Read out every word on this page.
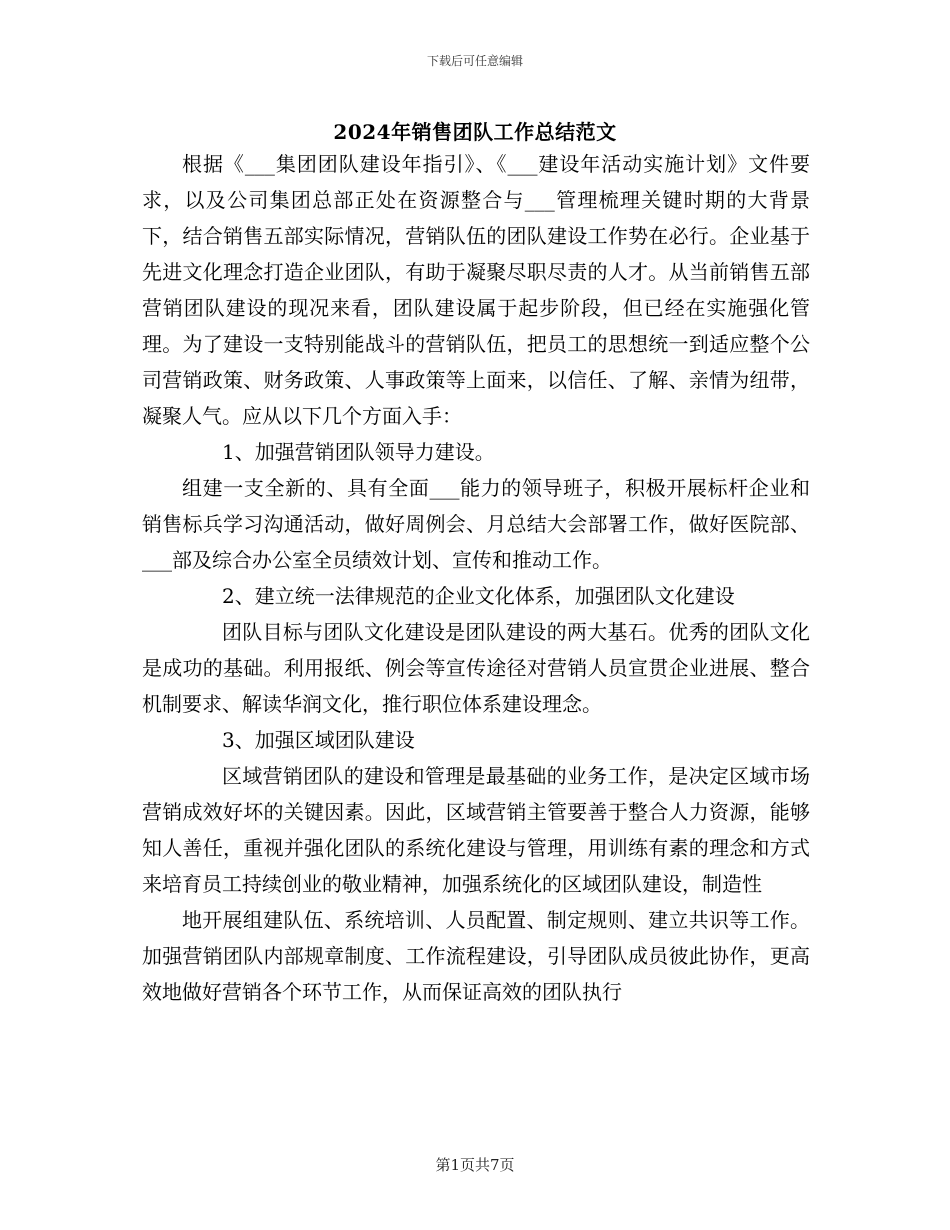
下载后可任意编辑
2024年销售团队工作总结范文

根据《___集团团队建设年指引》、《___建设年活动实施计划》文件要求，以及公司集团总部正处在资源整合与___管理梳理关键时期的大背景下，结合销售五部实际情况，营销队伍的团队建设工作势在必行。企业基于先进文化理念打造企业团队，有助于凝聚尽职尽责的人才。从当前销售五部营销团队建设的现况来看，团队建设属于起步阶段，但已经在实施强化管理。为了建设一支特别能战斗的营销队伍，把员工的思想统一到适应整个公司营销政策、财务政策、人事政策等上面来，以信任、了解、亲情为纽带，凝聚人气。应从以下几个方面入手：

1、加强营销团队领导力建设。

组建一支全新的、具有全面___能力的领导班子，积极开展标杆企业和销售标兵学习沟通活动，做好周例会、月总结大会部署工作，做好医院部、___部及综合办公室全员绩效计划、宣传和推动工作。

2、建立统一法律规范的企业文化体系，加强团队文化建设

团队目标与团队文化建设是团队建设的两大基石。优秀的团队文化是成功的基础。利用报纸、例会等宣传途径对营销人员宣贯企业进展、整合机制要求、解读华润文化，推行职位体系建设理念。

3、加强区域团队建设

区域营销团队的建设和管理是最基础的业务工作，是决定区域市场营销成效好坏的关键因素。因此，区域营销主管要善于整合人力资源，能够知人善任，重视并强化团队的系统化建设与管理，用训练有素的理念和方式来培育员工持续创业的敬业精神，加强系统化的区域团队建设，制造性

地开展组建队伍、系统培训、人员配置、制定规则、建立共识等工作。加强营销团队内部规章制度、工作流程建设，引导团队成员彼此协作，更高效地做好营销各个环节工作，从而保证高效的团队执行

第1页共7页
